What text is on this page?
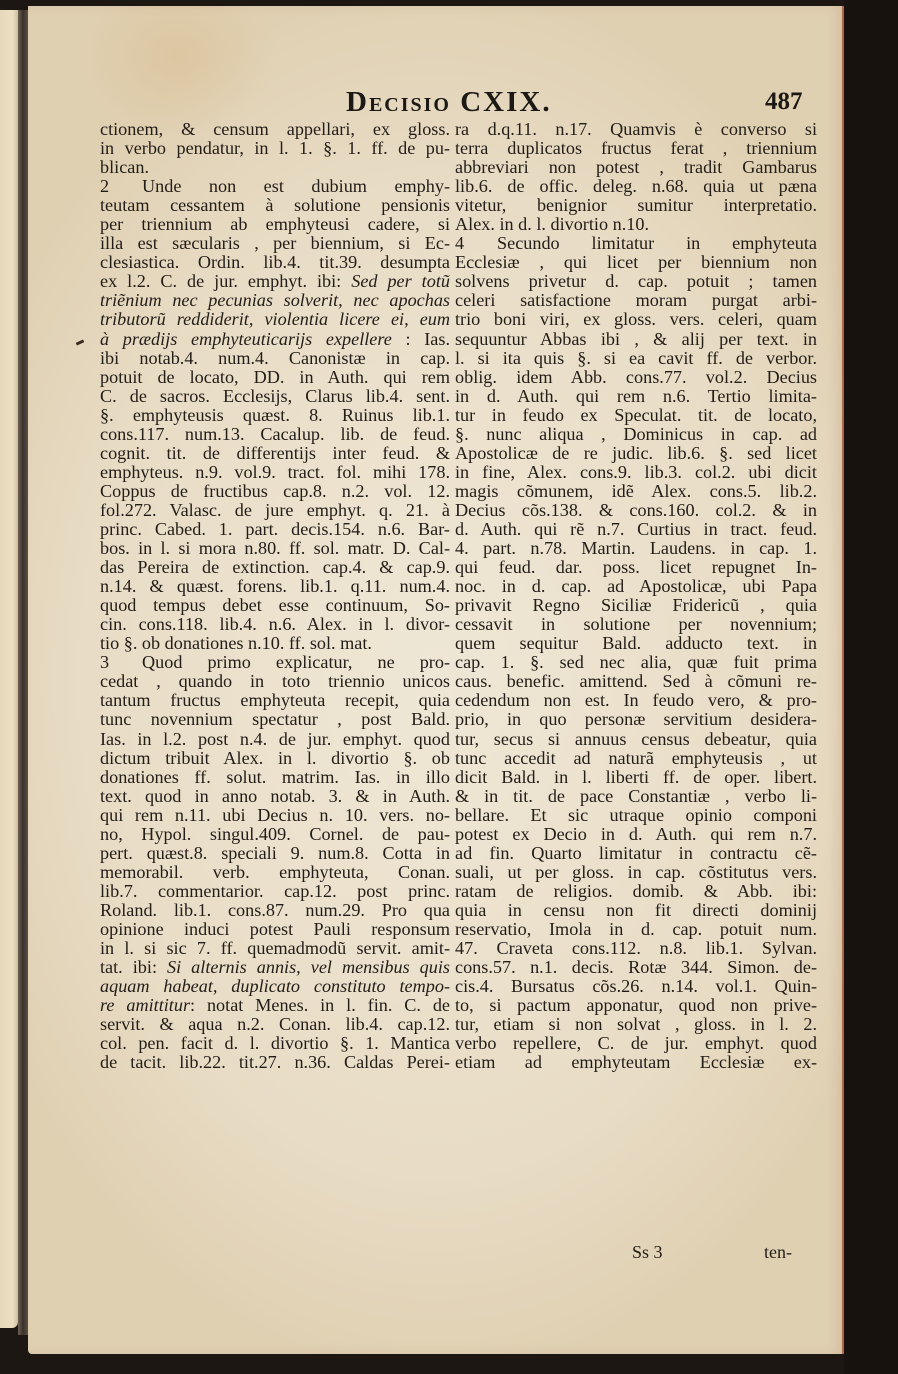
Decisio CXIX.	487
ctionem, & censum appellari, ex gloss.
in verbo pendatur, in l. 1. §. 1. ff. de pu-
blican.
2 Unde non est dubium emphy-
teutam cessantem à solutione pensionis
per triennium ab emphyteusi cadere, si
illa est sæcularis , per biennium, si Ec-
clesiastica. Ordin. lib.4. tit.39. desumpta
ex l.2. C. de jur. emphyt. ibi: Sed per totũ
triẽnium nec pecunias solverit, nec apochas
tributorũ reddiderit, violentia licere ei, eum
à prædijs emphyteuticarijs expellere : Ias.
ibi notab.4. num.4. Canonistæ in cap.
potuit de locato, DD. in Auth. qui rem
C. de sacros. Ecclesijs, Clarus lib.4. sent.
§. emphyteusis quæst. 8. Ruinus lib.1.
cons.117. num.13. Cacalup. lib. de feud.
cognit. tit. de differentijs inter feud. &
emphyteus. n.9. vol.9. tract. fol. mihi 178.
Coppus de fructibus cap.8. n.2. vol. 12.
fol.272. Valasc. de jure emphyt. q. 21. à
princ. Cabed. 1. part. decis.154. n.6. Bar-
bos. in l. si mora n.80. ff. sol. matr. D. Cal-
das Pereira de extinction. cap.4. & cap.9.
n.14. & quæst. forens. lib.1. q.11. num.4.
quod tempus debet esse continuum, So-
cin. cons.118. lib.4. n.6. Alex. in l. divor-
tio §. ob donationes n.10. ff. sol. mat.
3 Quod primo explicatur, ne pro-
cedat , quando in toto triennio unicos
tantum fructus emphyteuta recepit, quia
tunc novennium spectatur , post Bald.
Ias. in l.2. post n.4. de jur. emphyt. quod
dictum tribuit Alex. in l. divortio §. ob
donationes ff. solut. matrim. Ias. in illo
text. quod in anno notab. 3. & in Auth.
qui rem n.11. ubi Decius n. 10. vers. no-
no, Hypol. singul.409. Cornel. de pau-
pert. quæst.8. speciali 9. num.8. Cotta in
memorabil. verb. emphyteuta, Conan.
lib.7. commentarior. cap.12. post princ.
Roland. lib.1. cons.87. num.29. Pro qua
opinione induci potest Pauli responsum
in l. si sic 7. ff. quemadmodũ servit. amit-
tat. ibi: Si alternis annis, vel mensibus quis
aquam habeat, duplicato constituto tempo-
re amittitur: notat Menes. in l. fin. C. de
servit. & aqua n.2. Conan. lib.4. cap.12.
col. pen. facit d. l. divortio §. 1. Mantica
de tacit. lib.22. tit.27. n.36. Caldas Perei-
ra d.q.11. n.17. Quamvis è converso si
terra duplicatos fructus ferat , triennium
abbreviari non potest , tradit Gambarus
lib.6. de offic. deleg. n.68. quia ut pæna
vitetur, benignior sumitur interpretatio.
Alex. in d. l. divortio n.10.
4 Secundo limitatur in emphyteuta
Ecclesiæ , qui licet per biennium non
solvens privetur d. cap. potuit ; tamen
celeri satisfactione moram purgat arbi-
trio boni viri, ex gloss. vers. celeri, quam
sequuntur Abbas ibi , & alij per text. in
l. si ita quis §. si ea cavit ff. de verbor.
oblig. idem Abb. cons.77. vol.2. Decius
in d. Auth. qui rem n.6. Tertio limita-
tur in feudo ex Speculat. tit. de locato,
§. nunc aliqua , Dominicus in cap. ad
Apostolicæ de re judic. lib.6. §. sed licet
in fine, Alex. cons.9. lib.3. col.2. ubi dicit
magis cõmunem, idẽ Alex. cons.5. lib.2.
Decius cõs.138. & cons.160. col.2. & in
d. Auth. qui rẽ n.7. Curtius in tract. feud.
4. part. n.78. Martin. Laudens. in cap. 1.
qui feud. dar. poss. licet repugnet In-
noc. in d. cap. ad Apostolicæ, ubi Papa
privavit Regno Siciliæ Fridericũ , quia
cessavit in solutione per novennium;
quem sequitur Bald. adducto text. in
cap. 1. §. sed nec alia, quæ fuit prima
caus. benefic. amittend. Sed à cõmuni re-
cedendum non est. In feudo vero, & pro-
prio, in quo personæ servitium desidera-
tur, secus si annuus census debeatur, quia
tunc accedit ad naturã emphyteusis , ut
dicit Bald. in l. liberti ff. de oper. libert.
& in tit. de pace Constantiæ , verbo li-
bellare. Et sic utraque opinio componi
potest ex Decio in d. Auth. qui rem n.7.
ad fin. Quarto limitatur in contractu cẽ-
suali, ut per gloss. in cap. cõstitutus vers.
ratam de religios. domib. & Abb. ibi:
quia in censu non fit directi dominij
reservatio, Imola in d. cap. potuit num.
47. Craveta cons.112. n.8. lib.1. Sylvan.
cons.57. n.1. decis. Rotæ 344. Simon. de-
cis.4. Bursatus cõs.26. n.14. vol.1. Quin-
to, si pactum apponatur, quod non prive-
tur, etiam si non solvat , gloss. in l. 2.
verbo repellere, C. de jur. emphyt. quod
etiam ad emphyteutam Ecclesiæ ex-
Ss 3	ten-
